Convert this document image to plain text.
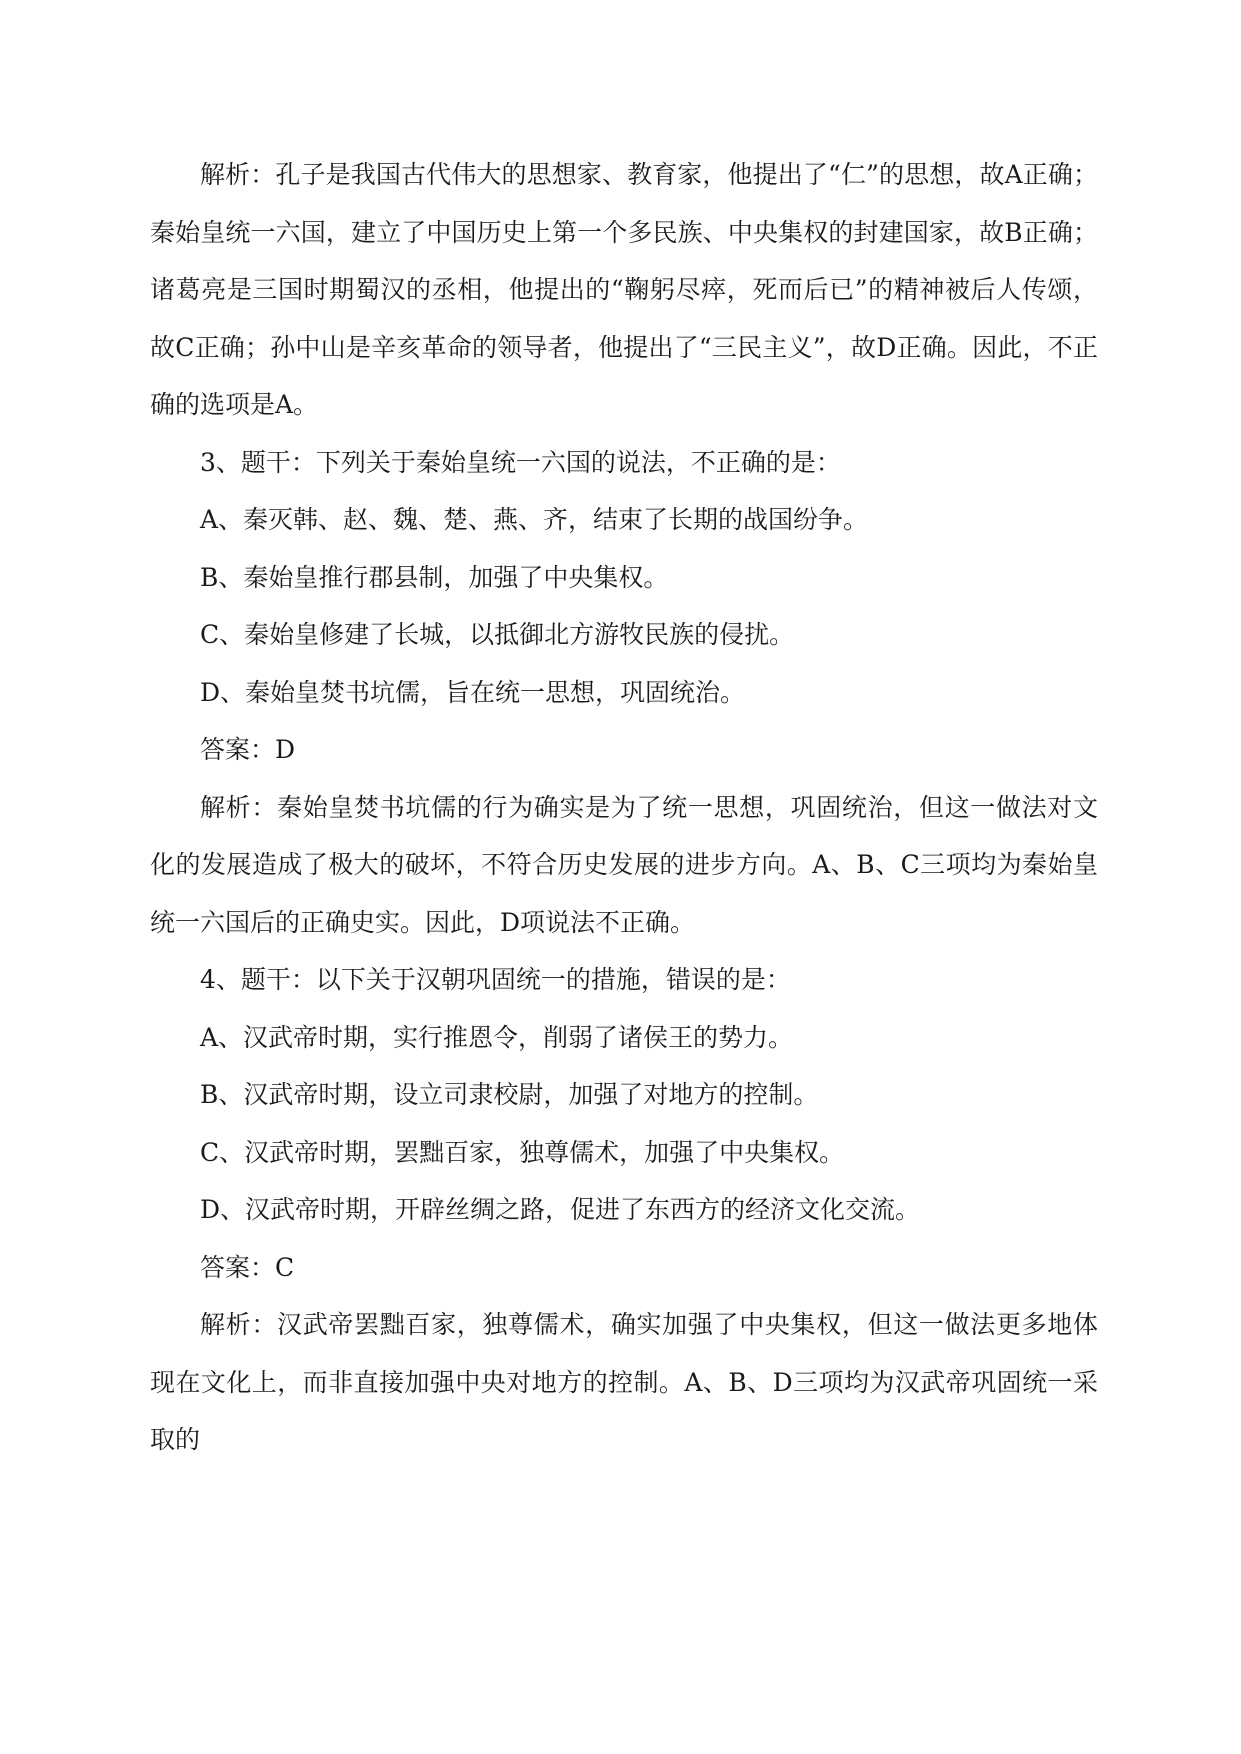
解析：孔子是我国古代伟大的思想家、教育家，他提出了“仁”的思想，故A正确；秦始皇统一六国，建立了中国历史上第一个多民族、中央集权的封建国家，故B正确；诸葛亮是三国时期蜀汉的丞相，他提出的“鞠躬尽瘁，死而后已”的精神被后人传颂，故C正确；孙中山是辛亥革命的领导者，他提出了“三民主义”，故D正确。因此，不正确的选项是A。

3、题干：下列关于秦始皇统一六国的说法，不正确的是：

A、秦灭韩、赵、魏、楚、燕、齐，结束了长期的战国纷争。

B、秦始皇推行郡县制，加强了中央集权。

C、秦始皇修建了长城，以抵御北方游牧民族的侵扰。

D、秦始皇焚书坑儒，旨在统一思想，巩固统治。

答案：D

解析：秦始皇焚书坑儒的行为确实是为了统一思想，巩固统治，但这一做法对文化的发展造成了极大的破坏，不符合历史发展的进步方向。A、B、C三项均为秦始皇统一六国后的正确史实。因此，D项说法不正确。

4、题干：以下关于汉朝巩固统一的措施，错误的是：

A、汉武帝时期，实行推恩令，削弱了诸侯王的势力。

B、汉武帝时期，设立司隶校尉，加强了对地方的控制。

C、汉武帝时期，罢黜百家，独尊儒术，加强了中央集权。

D、汉武帝时期，开辟丝绸之路，促进了东西方的经济文化交流。

答案：C

解析：汉武帝罢黜百家，独尊儒术，确实加强了中央集权，但这一做法更多地体现在文化上，而非直接加强中央对地方的控制。A、B、D三项均为汉武帝巩固统一采取的
